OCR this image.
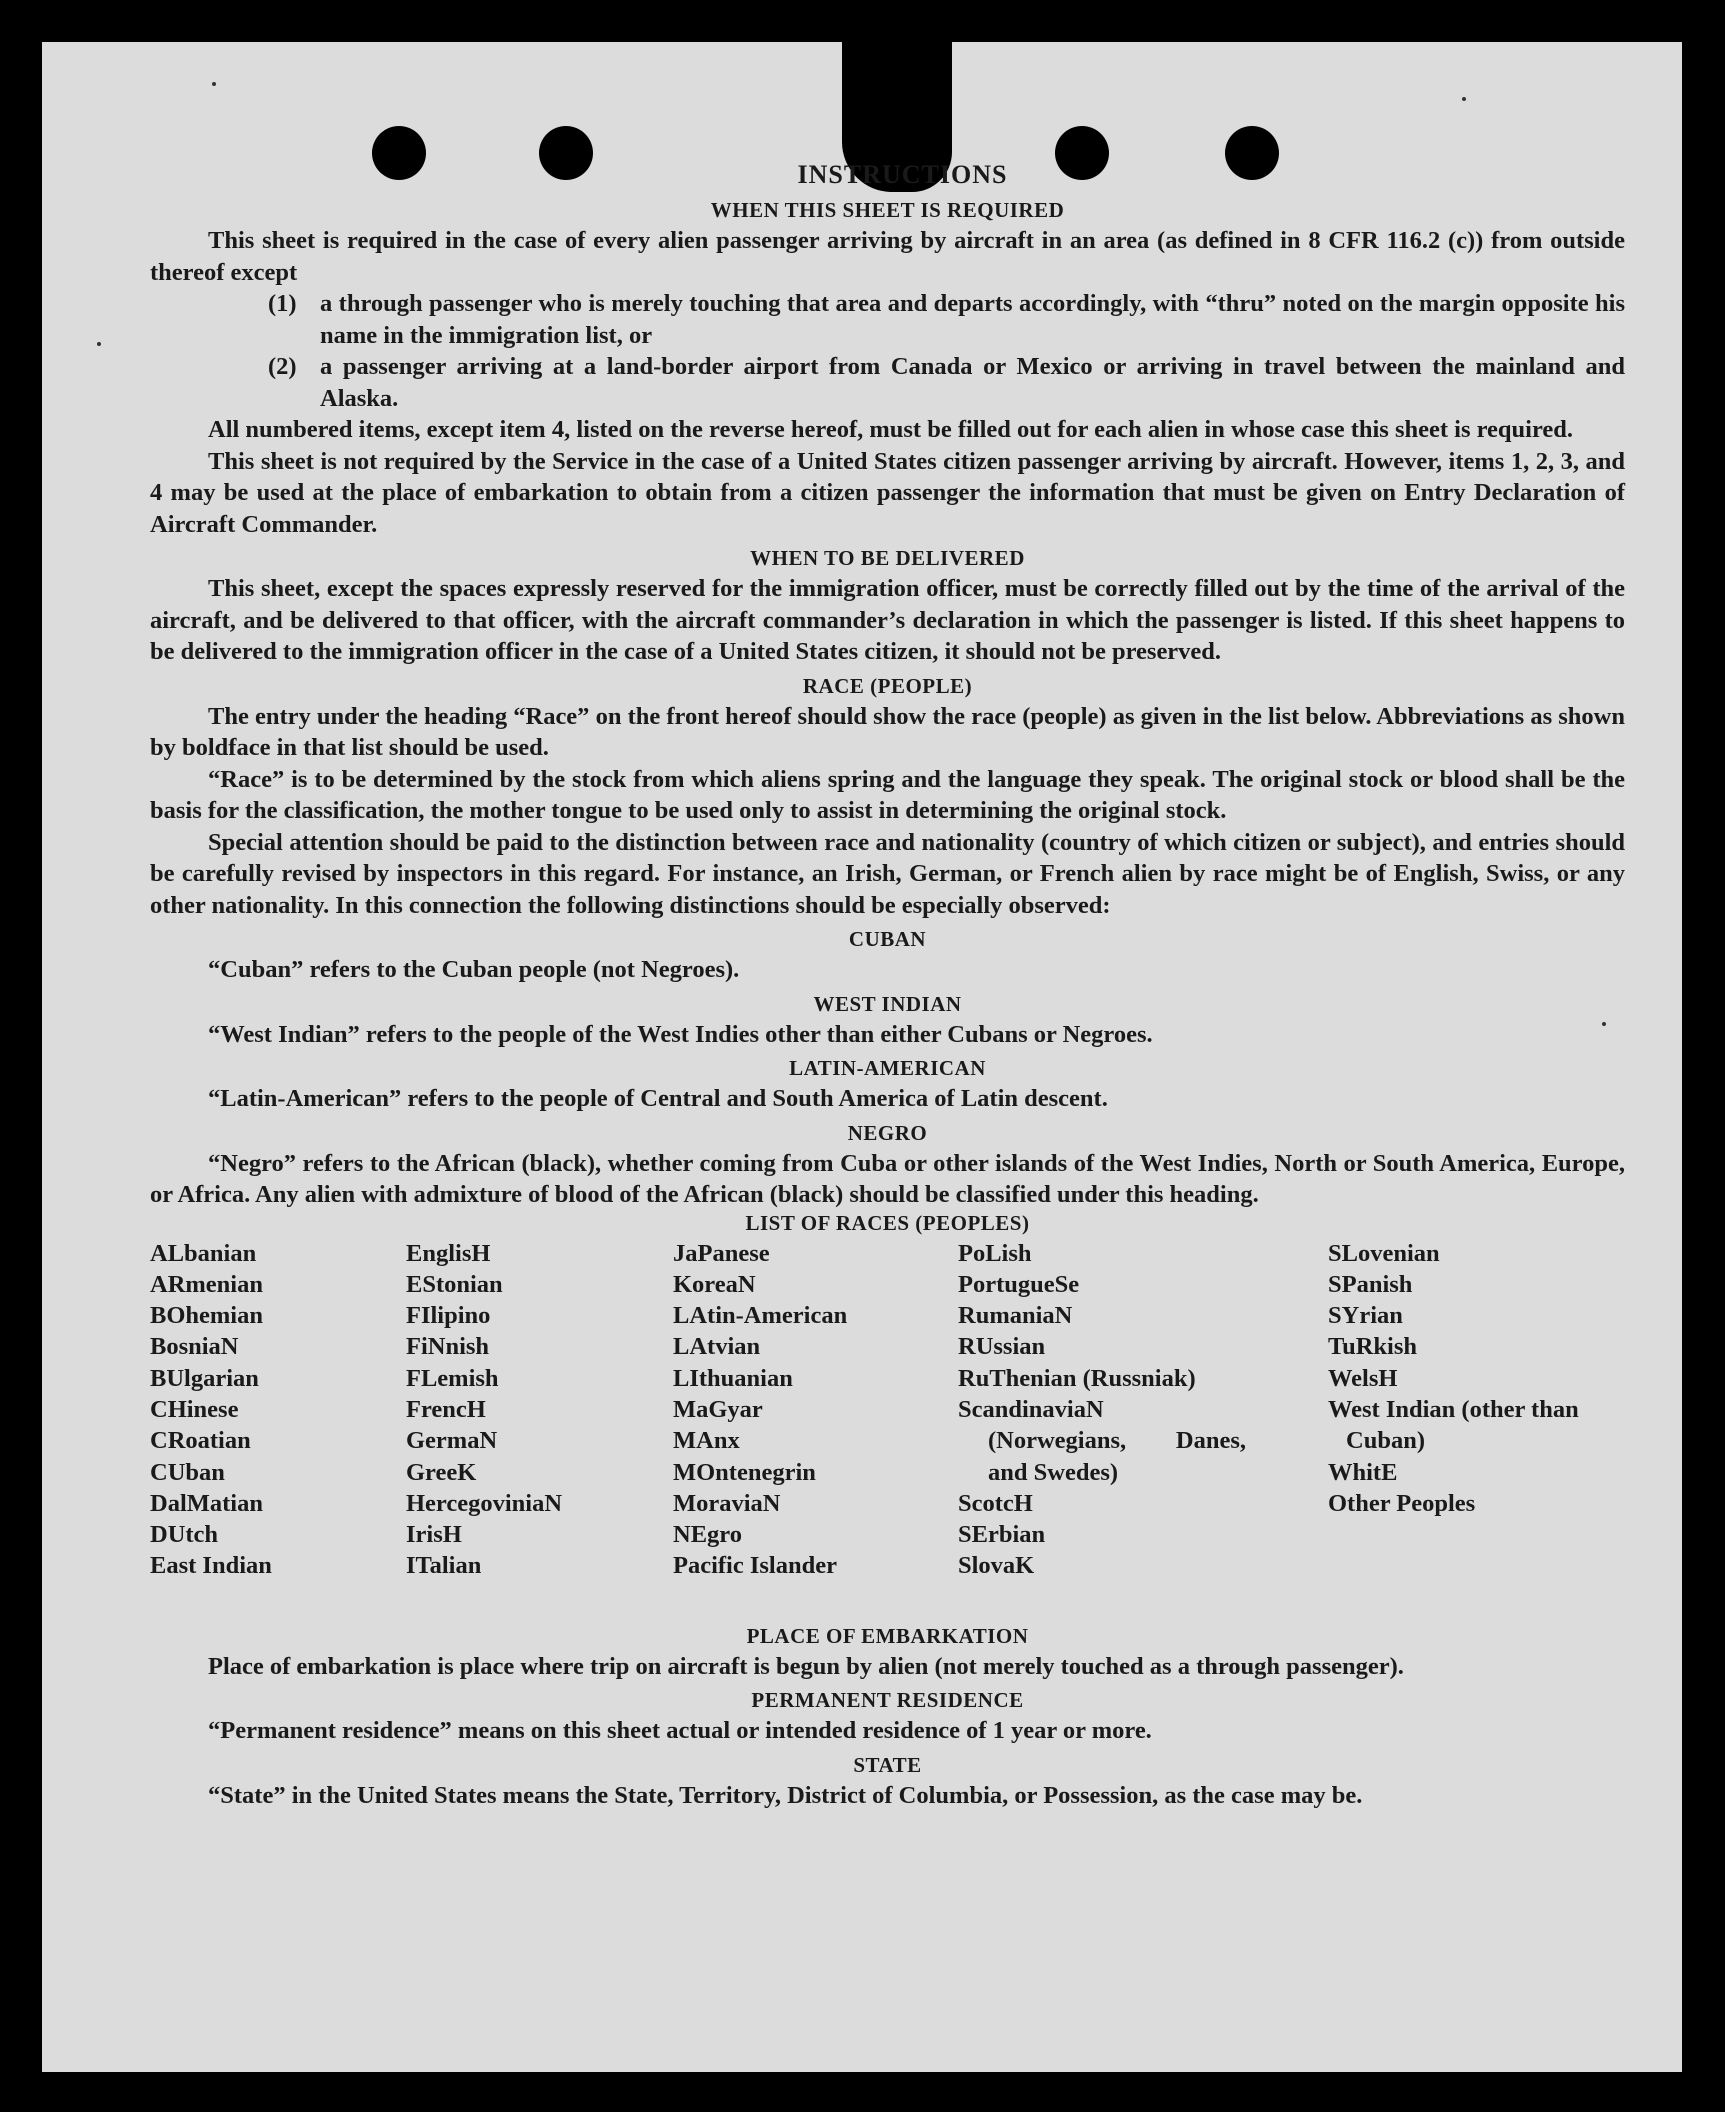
INSTRUCTIONS
WHEN THIS SHEET IS REQUIRED

This sheet is required in the case of every alien passenger arriving by aircraft in an area (as defined in 8 CFR 116.2 (c)) from outside thereof except

(1) a through passenger who is merely touching that area and departs accordingly, with “thru” noted on the margin opposite his name in the immigration list, or
(2) a passenger arriving at a land-border airport from Canada or Mexico or arriving in travel between the mainland and Alaska.

All numbered items, except item 4, listed on the reverse hereof, must be filled out for each alien in whose case this sheet is required.

This sheet is not required by the Service in the case of a United States citizen passenger arriving by aircraft. However, items 1, 2, 3, and 4 may be used at the place of embarkation to obtain from a citizen passenger the information that must be given on Entry Declaration of Aircraft Commander.

WHEN TO BE DELIVERED

This sheet, except the spaces expressly reserved for the immigration officer, must be correctly filled out by the time of the arrival of the aircraft, and be delivered to that officer, with the aircraft commander’s declaration in which the passenger is listed. If this sheet happens to be delivered to the immigration officer in the case of a United States citizen, it should not be preserved.

RACE (PEOPLE)

The entry under the heading “Race” on the front hereof should show the race (people) as given in the list below. Abbreviations as shown by boldface in that list should be used.

“Race” is to be determined by the stock from which aliens spring and the language they speak. The original stock or blood shall be the basis for the classification, the mother tongue to be used only to assist in determining the original stock.

Special attention should be paid to the distinction between race and nationality (country of which citizen or subject), and entries should be carefully revised by inspectors in this regard. For instance, an Irish, German, or French alien by race might be of English, Swiss, or any other nationality. In this connection the following distinctions should be especially observed:

CUBAN

“Cuban” refers to the Cuban people (not Negroes).

WEST INDIAN

“West Indian” refers to the people of the West Indies other than either Cubans or Negroes.

LATIN-AMERICAN

“Latin-American” refers to the people of Central and South America of Latin descent.

NEGRO

“Negro” refers to the African (black), whether coming from Cuba or other islands of the West Indies, North or South America, Europe, or Africa. Any alien with admixture of blood of the African (black) should be classified under this heading.

LIST OF RACES (PEOPLES)
ALbanian
ARmenian
BOhemian
BosniaN
BUlgarian
CHinese
CRoatian
CUban
DalMatian
DUtch
East Indian
EnglisH
EStonian
FIlipino
FiNnish
FLemish
FrencH
GermaN
GreeK
HercegoviniaN
IrisH
ITalian
JaPanese
KoreaN
LAtin-American
LAtvian
LIthuanian
MaGyar
MAnx
MOntenegrin
MoraviaN
NEgro
Pacific Islander
PoLish
PortugueSe
RumaniaN
RUssian
RuThenian (Russniak)
ScandinaviaN (Norwegians, Danes, and Swedes)
ScotcH
SErbian
SlovaK
SLovenian
SPanish
SYrian
TuRkish
WelsH
West Indian (other than Cuban)
WhitE
Other Peoples
PLACE OF EMBARKATION

Place of embarkation is place where trip on aircraft is begun by alien (not merely touched as a through passenger).

PERMANENT RESIDENCE

“Permanent residence” means on this sheet actual or intended residence of 1 year or more.

STATE

“State” in the United States means the State, Territory, District of Columbia, or Possession, as the case may be.
